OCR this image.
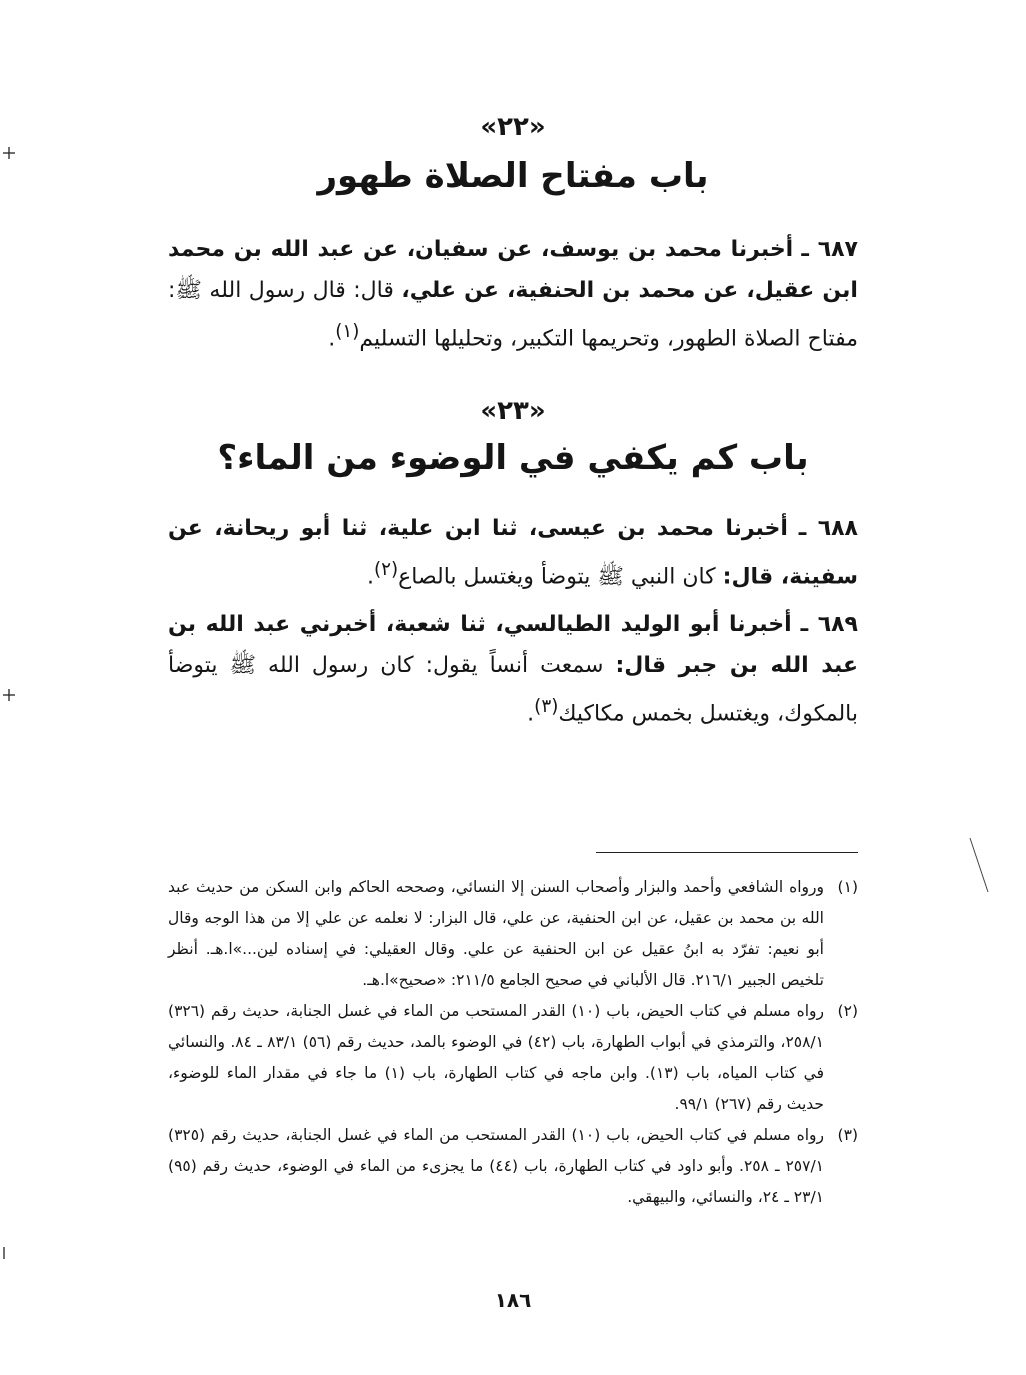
«٢٢»
باب مفتاح الصلاة طهور
٦٨٧ ـ أخبرنا محمد بن يوسف، عن سفيان، عن عبد الله بن محمد ابن عقيل، عن محمد بن الحنفية، عن علي، قال: قال رسول الله ﷺ: مفتاح الصلاة الطهور، وتحريمها التكبير، وتحليلها التسليم$^{(١)}$.
«٢٣»
باب كم يكفي في الوضوء من الماء؟
٦٨٨ ـ أخبرنا محمد بن عيسى، ثنا ابن علية، ثنا أبو ريحانة، عن سفينة، قال: كان النبي ﷺ يتوضأ ويغتسل بالصاع$^{(٢)}$.
٦٨٩ ـ أخبرنا أبو الوليد الطيالسي، ثنا شعبة، أخبرني عبد الله بن عبد الله بن جبر قال: سمعت أنساً يقول: كان رسول الله ﷺ يتوضأ بالمكوك، ويغتسل بخمس مكاكيك$^{(٣)}$.
(١)
ورواه الشافعي وأحمد والبزار وأصحاب السنن إلا النسائي، وصححه الحاكم وابن السكن من حديث عبد الله بن محمد بن عقيل، عن ابن الحنفية، عن علي، قال البزار: لا نعلمه عن علي إلا من هذا الوجه وقال أبو نعيم: تفرّد به ابنُ عقيل عن ابن الحنفية عن علي. وقال العقيلي: في إسناده لين...»ا.هـ. أنظر تلخيص الجبير ٢١٦/١. قال الألباني في صحيح الجامع ٢١١/٥: «صحيح»ا.هـ.
(٢)
رواه مسلم في كتاب الحيض، باب (١٠) القدر المستحب من الماء في غسل الجنابة، حديث رقم (٣٢٦) ٢٥٨/١، والترمذي في أبواب الطهارة، باب (٤٢) في الوضوء بالمد، حديث رقم (٥٦) ٨٣/١ ـ ٨٤. والنسائي في كتاب المياه، باب (١٣). وابن ماجه في كتاب الطهارة، باب (١) ما جاء في مقدار الماء للوضوء، حديث رقم (٢٦٧) ٩٩/١.
(٣)
رواه مسلم في كتاب الحيض، باب (١٠) القدر المستحب من الماء في غسل الجنابة، حديث رقم (٣٢٥) ٢٥٧/١ ـ ٢٥٨. وأبو داود في كتاب الطهارة، باب (٤٤) ما يجزىء من الماء في الوضوء، حديث رقم (٩٥) ٢٣/١ ـ ٢٤، والنسائي، والبيهقي.
١٨٦
